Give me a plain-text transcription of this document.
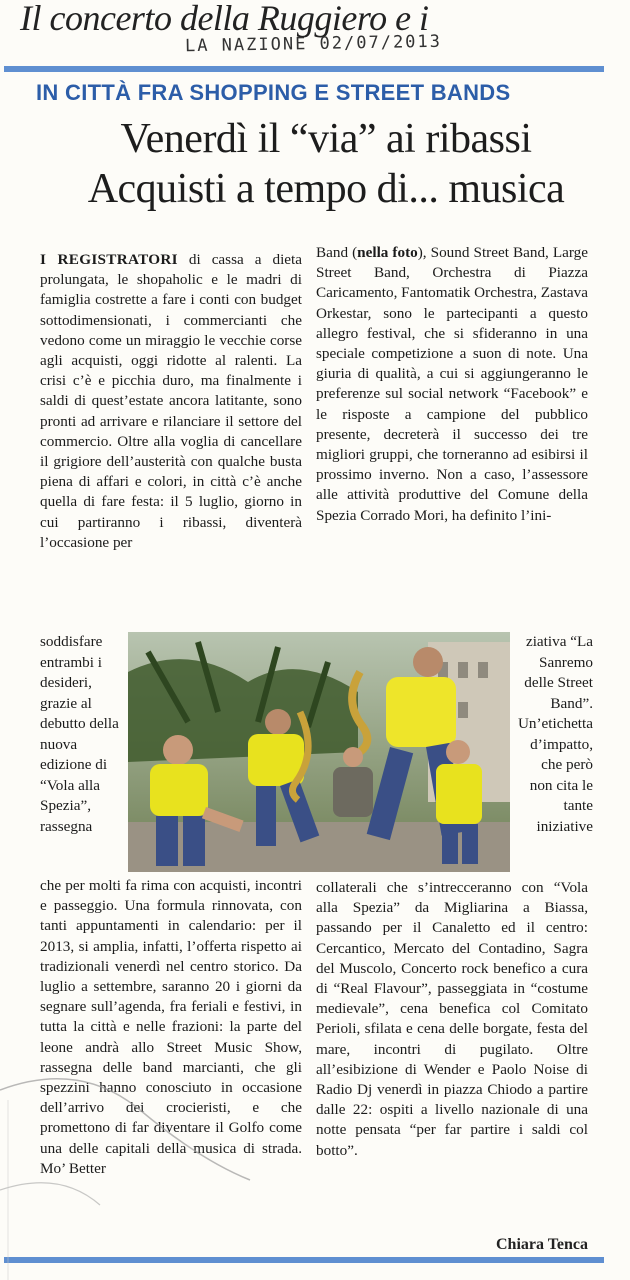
Il concerto della Ruggiero e i
LA NAZIONE 02/07/2013
IN CITTÀ FRA SHOPPING E STREET BANDS
Venerdì il “via” ai ribassi
Acquisti a tempo di... musica

I REGISTRATORI di cassa a dieta prolungata, le shopaholic e le madri di famiglia costrette a fare i conti con budget sottodimensionati, i commercianti che vedono come un miraggio le vecchie corse agli acquisti, oggi ridotte al ralenti. La crisi c’è e picchia duro, ma finalmente i saldi di quest’estate ancora latitante, sono pronti ad arrivare e rilanciare il settore del commercio. Oltre alla voglia di cancellare il grigiore dell’austerità con qualche busta piena di affari e colori, in città c’è anche quella di fare festa: il 5 luglio, giorno in cui partiranno i ribassi, diventerà l’occasione per

Band (nella foto), Sound Street Band, Large Street Band, Orchestra di Piazza Caricamento, Fantomatik Orchestra, Zastava Orkestar, sono le partecipanti a questo allegro festival, che si sfideranno in una speciale competizione a suon di note. Una giuria di qualità, a cui si aggiungeranno le preferenze sul social network “Facebook” e le risposte a campione del pubblico presente, decreterà il successo dei tre migliori gruppi, che torneranno ad esibirsi il prossimo inverno. Non a caso, l’assessore alle attività produttive del Comune della Spezia Corrado Mori, ha definito l’ini-

soddisfare entrambi i desideri, grazie al debutto della nuova edizione di “Vola alla Spezia”, rassegna
ziativa “La Sanremo delle Street Band”. Un’etichetta d’impatto, che però non cita le tante iniziative
che per molti fa rima con acquisti, incontri e passeggio. Una formula rinnovata, con tanti appuntamenti in calendario: per il 2013, si amplia, infatti, l’offerta rispetto ai tradizionali venerdì nel centro storico. Da luglio a settembre, saranno 20 i giorni da segnare sull’agenda, fra feriali e festivi, in tutta la città e nelle frazioni: la parte del leone andrà allo Street Music Show, rassegna delle band marcianti, che gli spezzini hanno conosciuto in occasione dell’arrivo dei crocieristi, e che promettono di far diventare il Golfo come una delle capitali della musica di strada. Mo’ Better
collaterali che s’intrecceranno con “Vola alla Spezia” da Migliarina a Biassa, passando per il Canaletto ed il centro: Cercantico, Mercato del Contadino, Sagra del Muscolo, Concerto rock benefico a cura di “Real Flavour”, passeggiata in “costume medievale”, cena benefica col Comitato Perioli, sfilata e cena delle borgate, festa del mare, incontri di pugilato. Oltre all’esibizione di Wender e Paolo Noise di Radio Dj venerdì in piazza Chiodo a partire dalle 22: ospiti a livello nazionale di una notte pensata “per far partire i saldi col botto”.
Chiara Tenca
